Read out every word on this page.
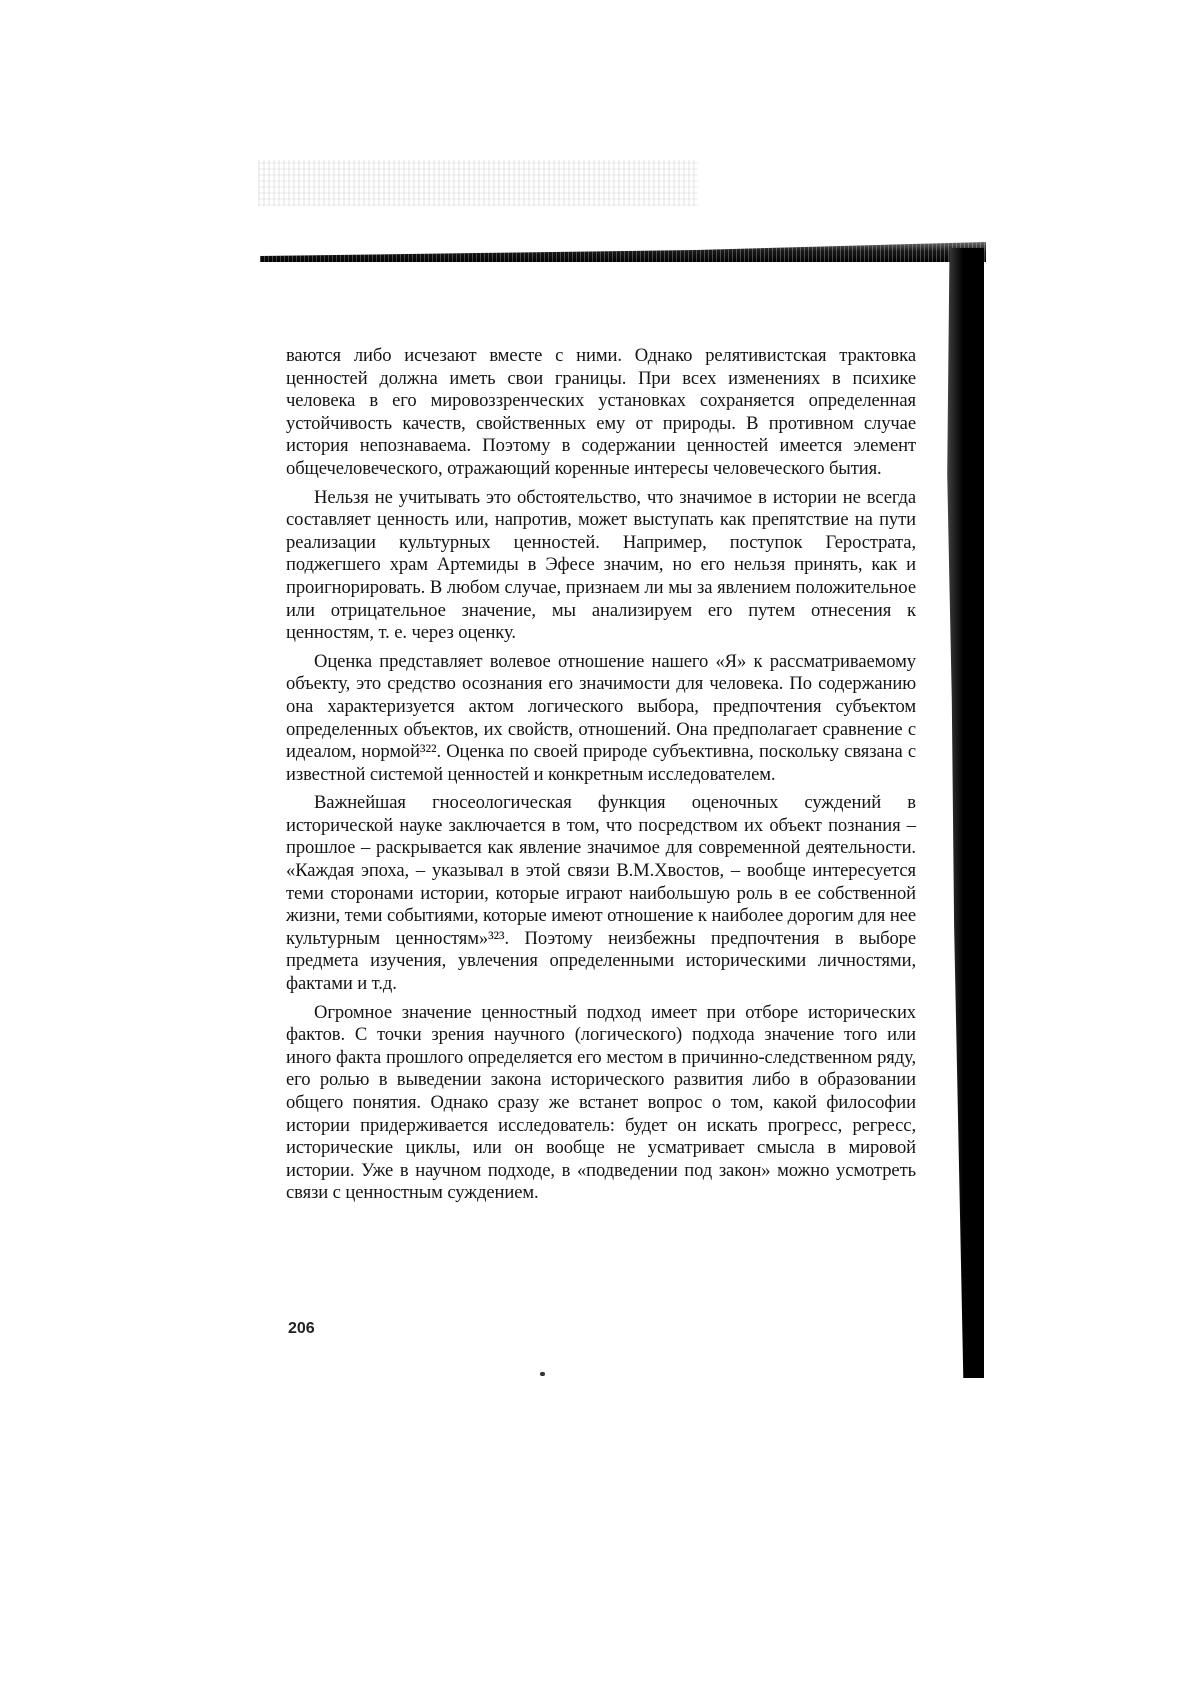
ваются либо исчезают вместе с ними. Однако релятивистская трактовка ценностей должна иметь свои границы. При всех изменениях в психике человека в его мировоззренческих установках сохраняется определенная устойчивость качеств, свойственных ему от природы. В противном случае история непознаваема. Поэтому в содержании ценностей имеется элемент общечеловеческого, отражающий коренные интересы человеческого бытия.

Нельзя не учитывать это обстоятельство, что значимое в истории не всегда составляет ценность или, напротив, может выступать как препятствие на пути реализации культурных ценностей. Например, поступок Герострата, поджегшего храм Артемиды в Эфесе значим, но его нельзя принять, как и проигнорировать. В любом случае, признаем ли мы за явлением положительное или отрицательное значение, мы анализируем его путем отнесения к ценностям, т. е. через оценку.

Оценка представляет волевое отношение нашего «Я» к рассматриваемому объекту, это средство осознания его значимости для человека. По содержанию она характеризуется актом логического выбора, предпочтения субъектом определенных объектов, их свойств, отношений. Она предполагает сравнение с идеалом, нормой³²². Оценка по своей природе субъективна, поскольку связана с известной системой ценностей и конкретным исследователем.

Важнейшая гносеологическая функция оценочных суждений в исторической науке заключается в том, что посредством их объект познания – прошлое – раскрывается как явление значимое для современной деятельности. «Каждая эпоха, – указывал в этой связи В.М.Хвостов, – вообще интересуется теми сторонами истории, которые играют наибольшую роль в ее собственной жизни, теми событиями, которые имеют отношение к наиболее дорогим для нее культурным ценностям»³²³. Поэтому неизбежны предпочтения в выборе предмета изучения, увлечения определенными историческими личностями, фактами и т.д.

Огромное значение ценностный подход имеет при отборе исторических фактов. С точки зрения научного (логического) подхода значение того или иного факта прошлого определяется его местом в причинно-следственном ряду, его ролью в выведении закона исторического развития либо в образовании общего понятия. Однако сразу же встанет вопрос о том, какой философии истории придерживается исследователь: будет он искать прогресс, регресс, исторические циклы, или он вообще не усматривает смысла в мировой истории. Уже в научном подходе, в «подведении под закон» можно усмотреть связи с ценностным суждением.

206
